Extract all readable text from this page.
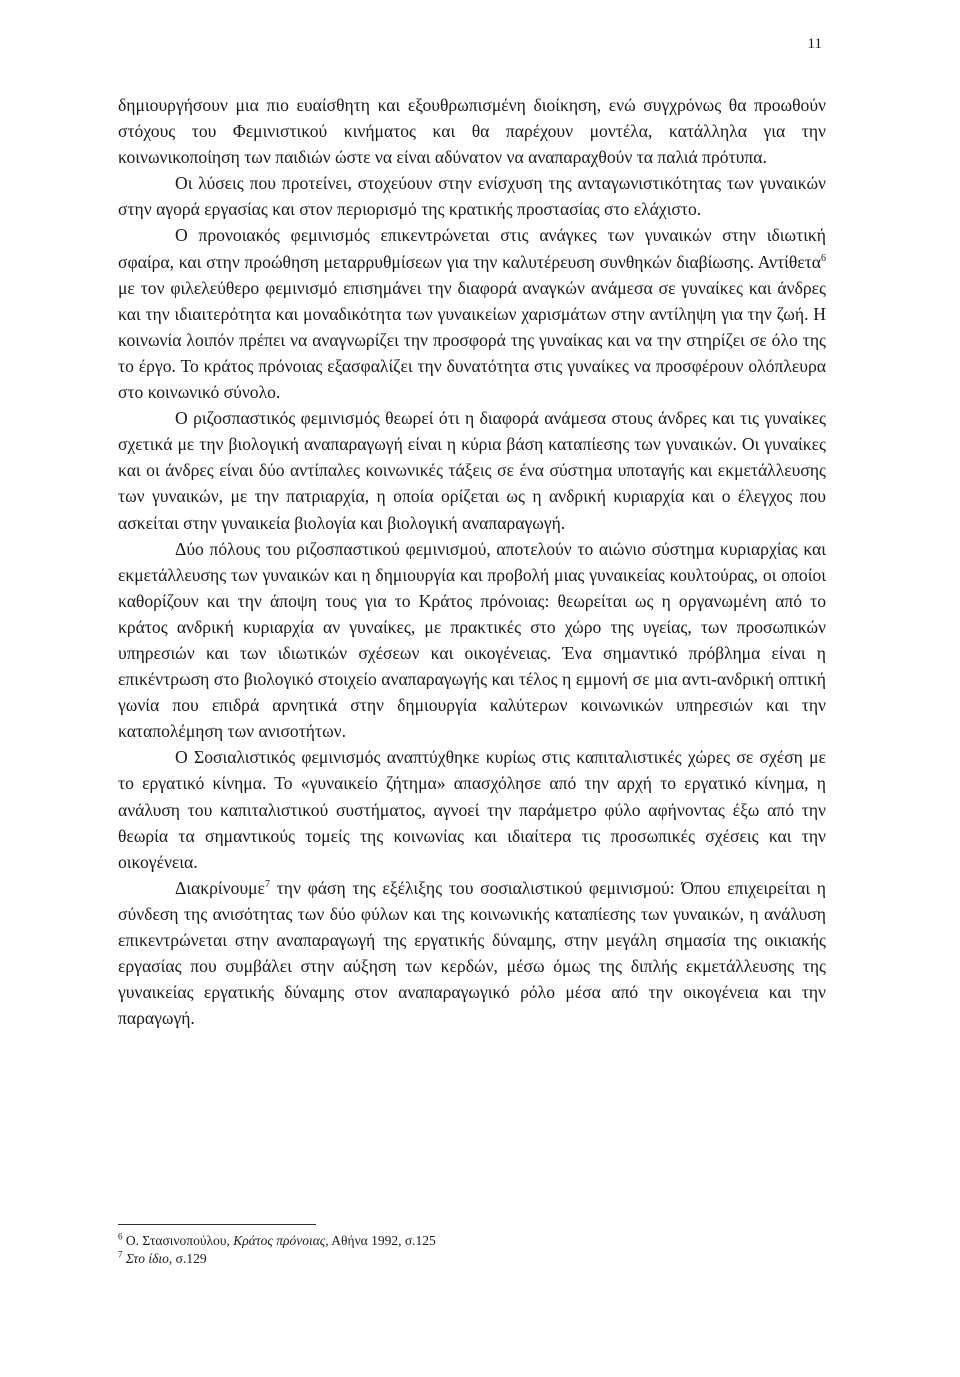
11

δημιουργήσουν μια πιο ευαίσθητη και εξουθρωπισμένη διοίκηση, ενώ συγχρόνως θα προωθούν στόχους του Φεμινιστικού κινήματος και θα παρέχουν μοντέλα, κατάλληλα για την κοινωνικοποίηση των παιδιών ώστε να είναι αδύνατον να αναπαραχθούν τα παλιά πρότυπα.

Οι λύσεις που προτείνει, στοχεύουν στην ενίσχυση της ανταγωνιστικότητας των γυναικών στην αγορά εργασίας και στον περιορισμό της κρατικής προστασίας στο ελάχιστο.

Ο προνοιακός φεμινισμός επικεντρώνεται στις ανάγκες των γυναικών στην ιδιωτική σφαίρα, και στην προώθηση μεταρρυθμίσεων για την καλυτέρευση συνθηκών διαβίωσης. Αντίθετα$^6$ με τον φιλελεύθερο φεμινισμό επισημάνει την διαφορά αναγκών ανάμεσα σε γυναίκες και άνδρες και την ιδιαιτερότητα και μοναδικότητα των γυναικείων χαρισμάτων στην αντίληψη για την ζωή. Η κοινωνία λοιπόν πρέπει να αναγνωρίζει την προσφορά της γυναίκας και να την στηρίζει σε όλο της το έργο. Το κράτος πρόνοιας εξασφαλίζει την δυνατότητα στις γυναίκες να προσφέρουν ολόπλευρα στο κοινωνικό σύνολο.

Ο ριζοσπαστικός φεμινισμός θεωρεί ότι η διαφορά ανάμεσα στους άνδρες και τις γυναίκες σχετικά με την βιολογική αναπαραγωγή είναι η κύρια βάση καταπίεσης των γυναικών. Οι γυναίκες και οι άνδρες είναι δύο αντίπαλες κοινωνικές τάξεις σε ένα σύστημα υποταγής και εκμετάλλευσης των γυναικών, με την πατριαρχία, η οποία ορίζεται ως η ανδρική κυριαρχία και ο έλεγχος που ασκείται στην γυναικεία βιολογία και βιολογική αναπαραγωγή.

Δύο πόλους του ριζοσπαστικού φεμινισμού, αποτελούν το αιώνιο σύστημα κυριαρχίας και εκμετάλλευσης των γυναικών και η δημιουργία και προβολή μιας γυναικείας κουλτούρας, οι οποίοι καθορίζουν και την άποψη τους για το Κράτος πρόνοιας: θεωρείται ως η οργανωμένη από το κράτος ανδρική κυριαρχία αν γυναίκες, με πρακτικές στο χώρο της υγείας, των προσωπικών υπηρεσιών και των ιδιωτικών σχέσεων και οικογένειας. Ένα σημαντικό πρόβλημα είναι η επικέντρωση στο βιολογικό στοιχείο αναπαραγωγής και τέλος η εμμονή σε μια αντι-ανδρική οπτική γωνία που επιδρά αρνητικά στην δημιουργία καλύτερων κοινωνικών υπηρεσιών και την καταπολέμηση των ανισοτήτων.

Ο Σοσιαλιστικός φεμινισμός αναπτύχθηκε κυρίως στις καπιταλιστικές χώρες σε σχέση με το εργατικό κίνημα. Το «γυναικείο ζήτημα» απασχόλησε από την αρχή το εργατικό κίνημα, η ανάλυση του καπιταλιστικού συστήματος, αγνοεί την παράμετρο φύλο αφήνοντας έξω από την θεωρία τα σημαντικούς τομείς της κοινωνίας και ιδιαίτερα τις προσωπικές σχέσεις και την οικογένεια.

Διακρίνουμε$^7$ την φάση της εξέλιξης του σοσιαλιστικού φεμινισμού: Όπου επιχειρείται η σύνδεση της ανισότητας των δύο φύλων και της κοινωνικής καταπίεσης των γυναικών, η ανάλυση επικεντρώνεται στην αναπαραγωγή της εργατικής δύναμης, στην μεγάλη σημασία της οικιακής εργασίας που συμβάλει στην αύξηση των κερδών, μέσω όμως της διπλής εκμετάλλευσης της γυναικείας εργατικής δύναμης στον αναπαραγωγικό ρόλο μέσα από την οικογένεια και την παραγωγή.

$^6$ Ο. Στασινοπούλου, Κράτος πρόνοιας, Αθήνα 1992, σ.125

$^7$ Στο ίδιο, σ.129
